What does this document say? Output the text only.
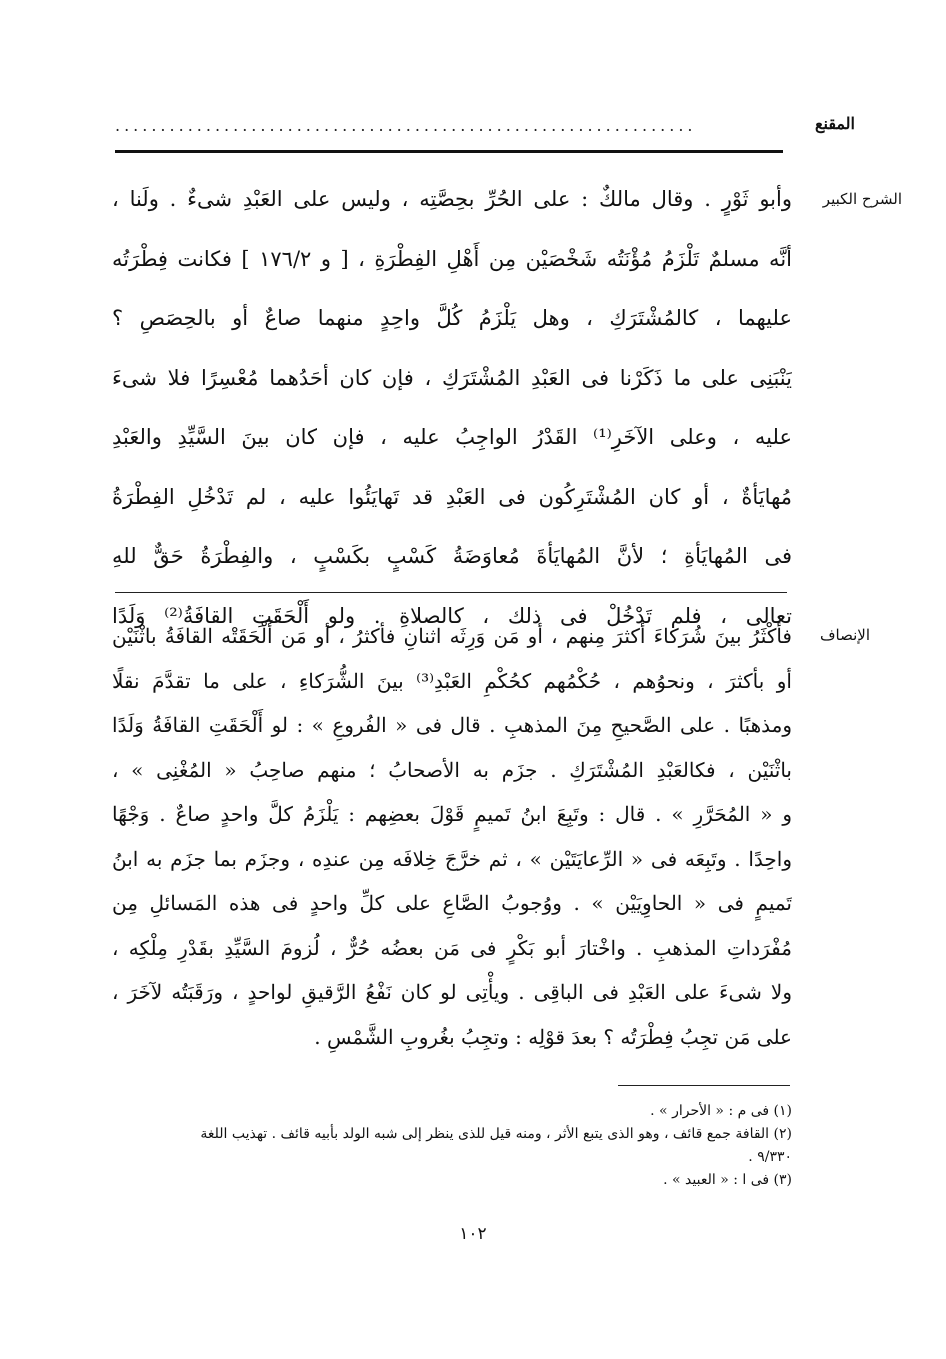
................................................................	المقنع
الشرح الكبير
وأبو ثَوْرٍ . وقال مالكٌ : على الحُرِّ بحِصَّتِه ، وليس على العَبْدِ شىءٌ . ولَنا ،
أنَّه مسلمٌ تَلْزَمُ مُؤْنَتُه شَخْصَيْن مِن أَهْلِ الفِطْرَةِ ، [ و ١٧٦/٢ ] فكانت فِطْرَتُه
عليهما ، كالمُشْتَرَكِ ، وهل يَلْزَمُ كُلَّ واحِدٍ منهما صاعٌ أو بالحِصَصِ ؟
يَنْبَنِى على ما ذَكَرْنا فى العَبْدِ المُشْتَرَكِ ، فإن كان أحَدُهما مُعْسِرًا فلا شىءَ
عليه ، وعلى الآخَرِ⁽¹⁾ القَدْرُ الواجِبُ عليه ، فإن كان بينَ السَّيِّدِ والعَبْدِ
مُهايَأةٌ ، أو كان المُشْتَرِكُون فى العَبْدِ قد تَهايَئُوا عليه ، لم تَدْخُلِ الفِطْرَةُ
فى المُهايَأةِ ؛ لأنَّ المُهايَأةَ مُعاوَضَةُ كَسْبٍ بكَسْبٍ ، والفِطْرَةُ حَقٌّ للهِ
تعالى ، فلم تَدْخُلْ فى ذلك ، كالصلاةِ . ولو أَلْحَقَتِ القافَةُ⁽²⁾ وَلَدًا
الإنصاف
فأكْثَرُ بينَ شُرَكاءَ أكثرَ مِنهم ، أو مَن وَرِثَه اثنانِ فأكثرُ ، أو مَن أَلْحَقَتْه القافَةُ باثْنَيْن
أو بأكثرَ ، ونحوُهم ، حُكْمُهم كحُكْمِ العَبْدِ⁽³⁾ بينَ الشُّرَكاءِ ، على ما تقدَّمَ نقلًا
ومذهبًا . على الصَّحيحِ مِنَ المذهبِ . قال فى « الفُروعِ » : لو أَلْحَقَتِ القافَةُ وَلَدًا
باثْنَيْن ، فكالعَبْدِ المُشْتَرَكِ . جزَم به الأصحابُ ؛ منهم صاحِبُ « المُغْنِى » ،
و « المُحَرَّرِ » . قال : وتَبِعَ ابنُ تَميمٍ قَوْلَ بعضِهم : يَلْزَمُ كلَّ واحدٍ صاعٌ . وَجْهًا
واحِدًا . وتَبِعَه فى « الرِّعايَتَيْن » ، ثم خرَّجَ خِلافَه مِن عندِه ، وجزَم بما جزَم به ابنُ
تَميمٍ فى « الحاوِيَيْن » . ووُجوبُ الصَّاعِ على كلِّ واحدٍ فى هذه المَسائلِ مِن
مُفْرَداتِ المذهبِ . واخْتارَ أبو بَكْرٍ فى مَن بعضُه حُرٌّ ، لُزومَ السَّيِّدِ بقَدْرِ مِلْكِه ،
ولا شىءَ على العَبْدِ فى الباقِى . ويأْتِى لو كان نَفْعُ الرَّقيقِ لواحدٍ ، ورَقَبَتُه لآخَرَ ،
على مَن تجِبُ فِطْرَتُه ؟ بعدَ قوْلِه : وتجِبُ بغُروبِ الشَّمْسِ .
(١) فى م : « الأحرار » .
(٢) القافة جمع قائف ، وهو الذى يتبع الأثر ، ومنه قيل للذى ينظر إلى شبه الولد بأبيه قائف . تهذيب اللغة
٩/٣٣٠ .
(٣) فى ا : « العبيد » .
١٠٢
